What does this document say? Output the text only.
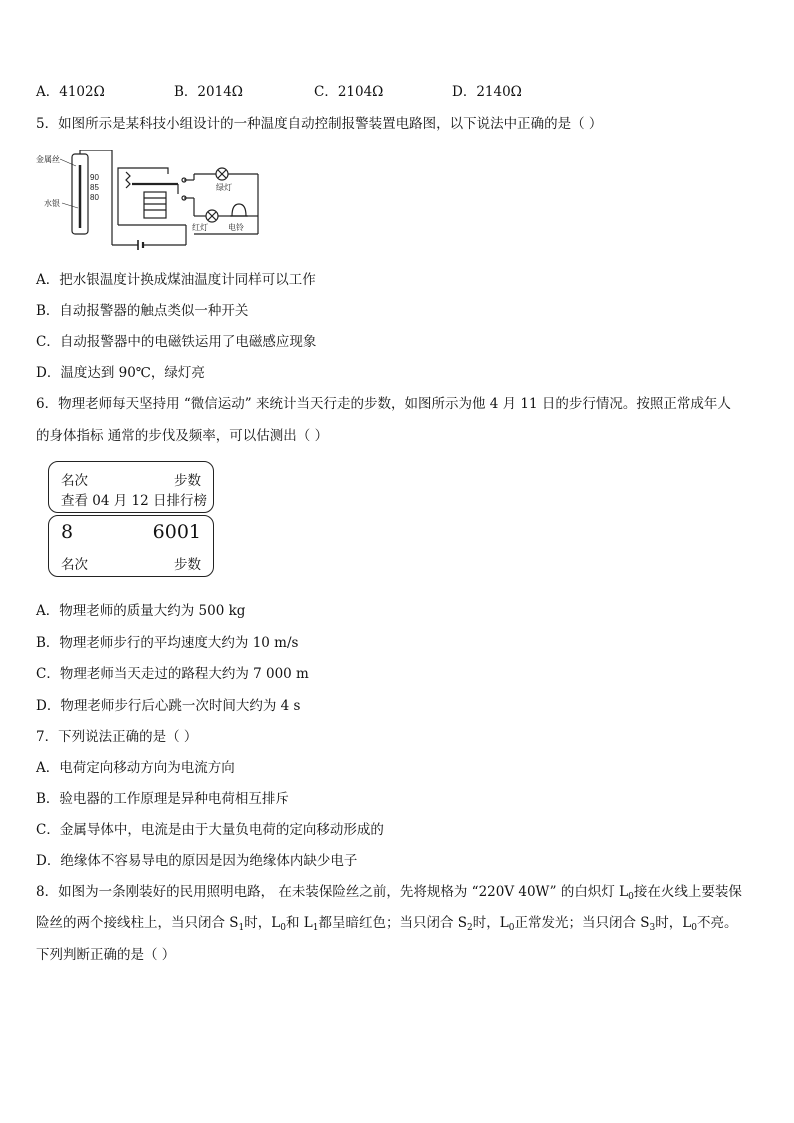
A．4102Ω	B．2014Ω	C．2104Ω	D．2140Ω
5．如图所示是某科技小组设计的一种温度自动控制报警装置电路图，以下说法中正确的是（ ）
金属丝
水银
90
85
80
绿灯
红灯	电铃
A．把水银温度计换成煤油温度计同样可以工作
B．自动报警器的触点类似一种开关
C．自动报警器中的电磁铁运用了电磁感应现象
D．温度达到 90℃，绿灯亮
6．物理老师每天坚持用 “微信运动” 来统计当天行走的步数，如图所示为他 4 月 11 日的步行情况。按照正常成年人
的身体指标 通常的步伐及频率，可以估测出（ ）
名次	步数
查看 04 月 12 日排行榜
8	6001
名次	步数
A．物理老师的质量大约为 500 kg
B．物理老师步行的平均速度大约为 10 m/s
C．物理老师当天走过的路程大约为 7 000 m
D．物理老师步行后心跳一次时间大约为 4 s
7．下列说法正确的是（ ）
A．电荷定向移动方向为电流方向
B．验电器的工作原理是异种电荷相互排斥
C．金属导体中，电流是由于大量负电荷的定向移动形成的
D．绝缘体不容易导电的原因是因为绝缘体内缺少电子
8．如图为一条刚装好的民用照明电路， 在未装保险丝之前，先将规格为 “220V 40W” 的白炽灯 $L_0$接在火线上要装保
险丝的两个接线柱上，当只闭合 $S_1$时，$L_0$和 $L_1$都呈暗红色；当只闭合 $S_2$时，$L_0$正常发光；当只闭合 $S_3$时，$L_0$不亮。
下列判断正确的是（ ）
